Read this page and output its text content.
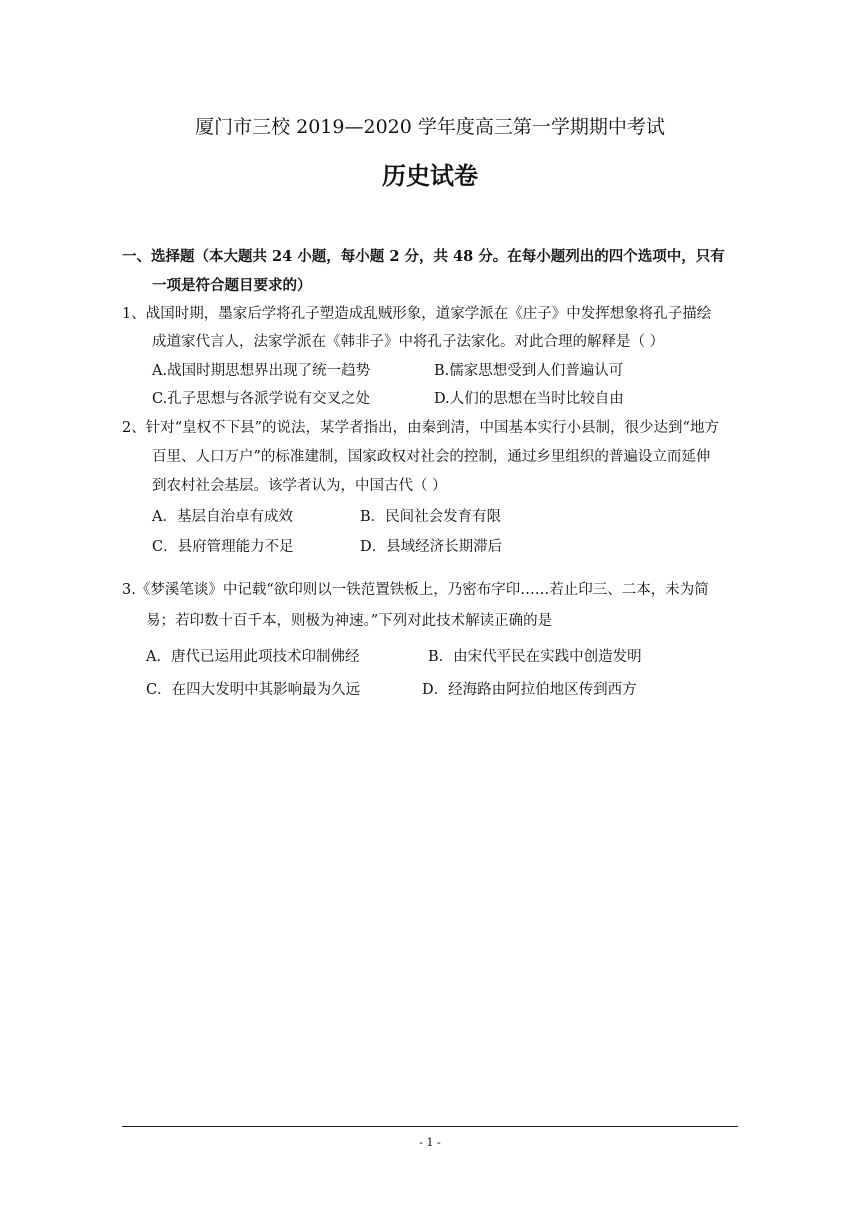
厦门市三校 2019—2020 学年度高三第一学期期中考试
历史试卷
一、选择题（本大题共 24 小题，每小题 2 分，共 48 分。在每小题列出的四个选项中，只有
一项是符合题目要求的）
1、战国时期，墨家后学将孔子塑造成乱贼形象，道家学派在《庄子》中发挥想象将孔子描绘
成道家代言人，法家学派在《韩非子》中将孔子法家化。对此合理的解释是（ ）
A.战国时期思想界出现了统一趋势	B.儒家思想受到人们普遍认可
C.孔子思想与各派学说有交叉之处	D.人们的思想在当时比较自由
2、针对“皇权不下县”的说法，某学者指出，由秦到清，中国基本实行小县制，很少达到“地方
百里、人口万户”的标准建制，国家政权对社会的控制，通过乡里组织的普遍设立而延伸
到农村社会基层。该学者认为，中国古代（ ）
A．基层自治卓有成效	B．民间社会发育有限
C．县府管理能力不足	D．县域经济长期滞后
3.《梦溪笔谈》中记载“欲印则以一铁范置铁板上，乃密布字印……若止印三、二本，未为简
易；若印数十百千本，则极为神速。”下列对此技术解读正确的是
A．唐代已运用此项技术印制佛经	B．由宋代平民在实践中创造发明
C．在四大发明中其影响最为久远	D．经海路由阿拉伯地区传到西方
- 1 -
